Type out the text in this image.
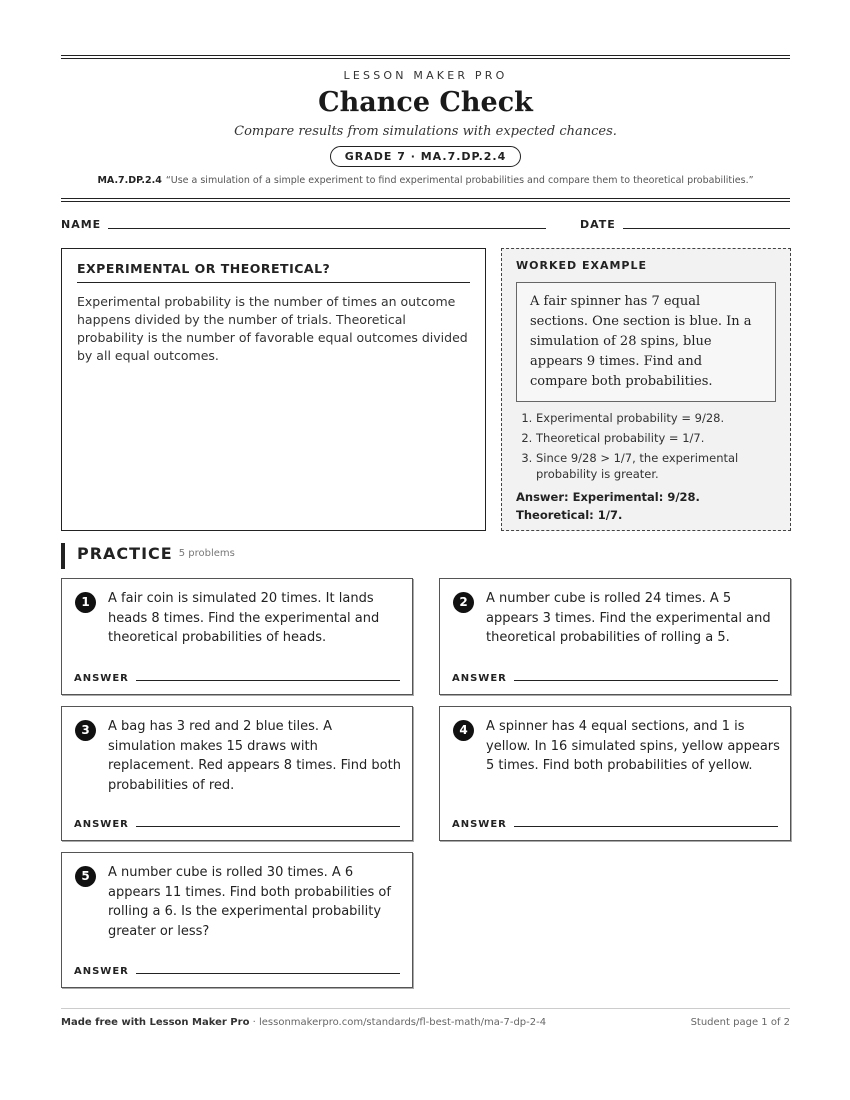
LESSON MAKER PRO
Chance Check
Compare results from simulations with expected chances.
GRADE 7 · MA.7.DP.2.4
MA.7.DP.2.4 “Use a simulation of a simple experiment to find experimental probabilities and compare them to theoretical probabilities.”
NAME	DATE
EXPERIMENTAL OR THEORETICAL?

Experimental probability is the number of times an outcome happens divided by the number of trials. Theoretical probability is the number of favorable equal outcomes divided by all equal outcomes.

WORKED EXAMPLE
A fair spinner has 7 equal sections. One section is blue. In a simulation of 28 spins, blue appears 9 times. Find and compare both probabilities.
1. Experimental probability = 9/28.
2. Theoretical probability = 1/7.
3. Since 9/28 > 1/7, the experimental probability is greater.
Answer: Experimental: 9/28.
Theoretical: 1/7.
PRACTICE 5 problems
1	A fair coin is simulated 20 times. It lands heads 8 times. Find the experimental and theoretical probabilities of heads.
ANSWER
2	A number cube is rolled 24 times. A 5 appears 3 times. Find the experimental and theoretical probabilities of rolling a 5.
ANSWER
3	A bag has 3 red and 2 blue tiles. A simulation makes 15 draws with replacement. Red appears 8 times. Find both probabilities of red.
ANSWER
4	A spinner has 4 equal sections, and 1 is yellow. In 16 simulated spins, yellow appears 5 times. Find both probabilities of yellow.
ANSWER
5	A number cube is rolled 30 times. A 6 appears 11 times. Find both probabilities of rolling a 6. Is the experimental probability greater or less?
ANSWER
Made free with Lesson Maker Pro · lessonmakerpro.com/standards/fl-best-math/ma-7-dp-2-4	Student page 1 of 2
